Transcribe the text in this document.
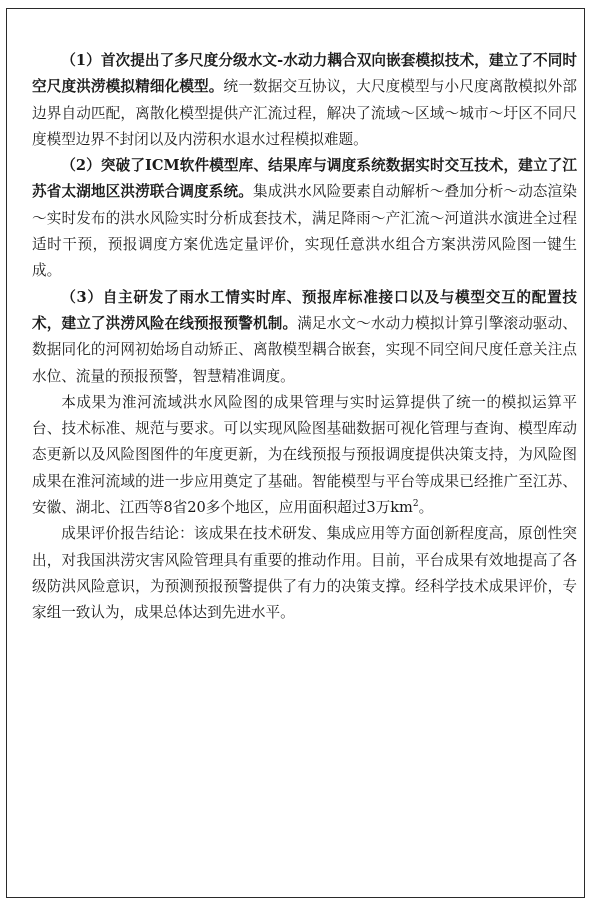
（1）首次提出了多尺度分级水文-水动力耦合双向嵌套模拟技术，建立了不同时空尺度洪涝模拟精细化模型。统一数据交互协议，大尺度模型与小尺度离散模拟外部边界自动匹配，离散化模型提供产汇流过程，解决了流域～区域～城市～圩区不同尺度模型边界不封闭以及内涝积水退水过程模拟难题。

（2）突破了ICM软件模型库、结果库与调度系统数据实时交互技术，建立了江苏省太湖地区洪涝联合调度系统。集成洪水风险要素自动解析～叠加分析～动态渲染～实时发布的洪水风险实时分析成套技术，满足降雨～产汇流～河道洪水演进全过程适时干预，预报调度方案优选定量评价，实现任意洪水组合方案洪涝风险图一键生成。

（3）自主研发了雨水工情实时库、预报库标准接口以及与模型交互的配置技术，建立了洪涝风险在线预报预警机制。满足水文～水动力模拟计算引擎滚动驱动、数据同化的河网初始场自动矫正、离散模型耦合嵌套，实现不同空间尺度任意关注点水位、流量的预报预警，智慧精准调度。

本成果为淮河流域洪水风险图的成果管理与实时运算提供了统一的模拟运算平台、技术标准、规范与要求。可以实现风险图基础数据可视化管理与查询、模型库动态更新以及风险图图件的年度更新，为在线预报与预报调度提供决策支持，为风险图成果在淮河流域的进一步应用奠定了基础。智能模型与平台等成果已经推广至江苏、安徽、湖北、江西等8省20多个地区，应用面积超过3万$km^2$。

成果评价报告结论：该成果在技术研发、集成应用等方面创新程度高，原创性突出，对我国洪涝灾害风险管理具有重要的推动作用。目前，平台成果有效地提高了各级防洪风险意识，为预测预报预警提供了有力的决策支撑。经科学技术成果评价，专家组一致认为，成果总体达到先进水平。
